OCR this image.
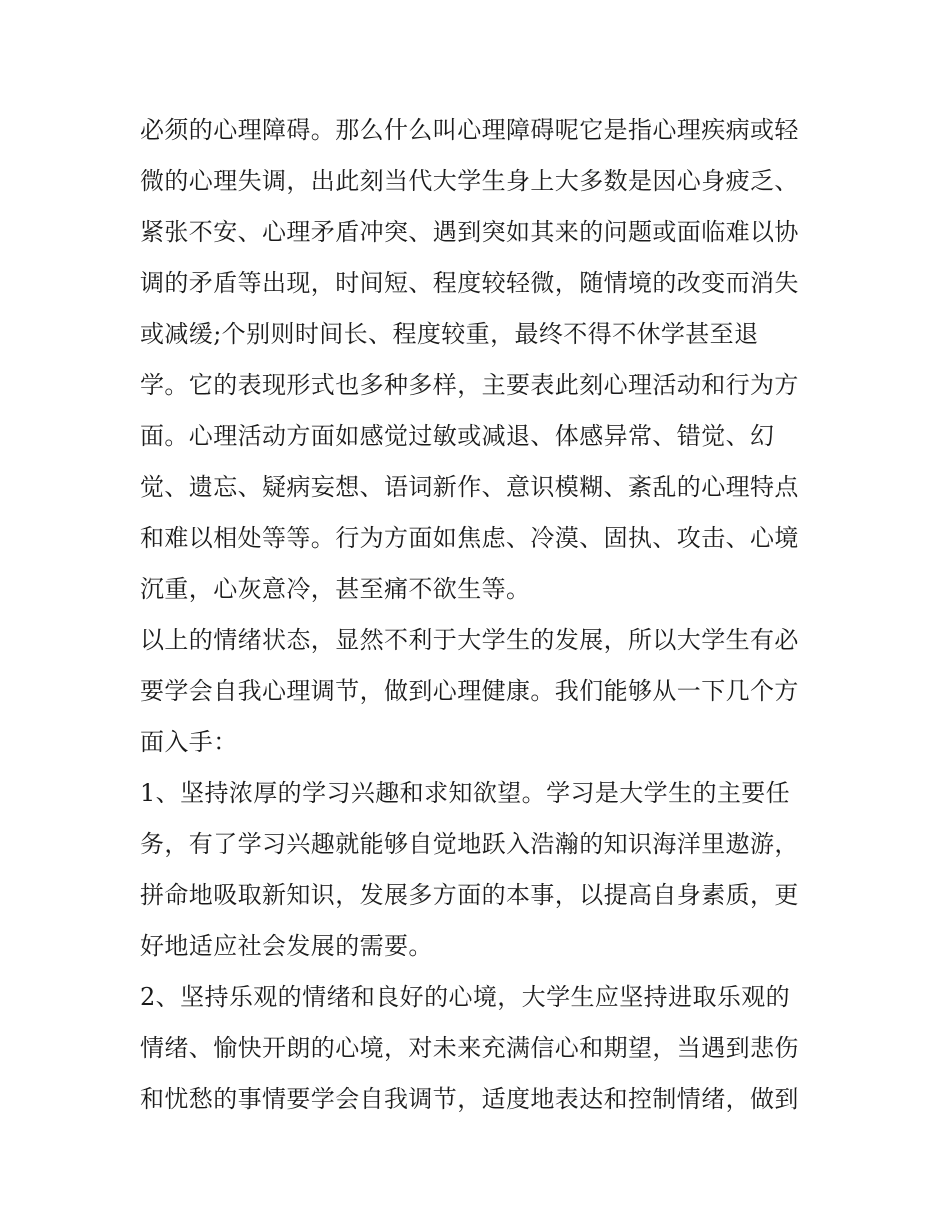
必须的心理障碍。那么什么叫心理障碍呢它是指心理疾病或轻
微的心理失调，出此刻当代大学生身上大多数是因心身疲乏、
紧张不安、心理矛盾冲突、遇到突如其来的问题或面临难以协
调的矛盾等出现，时间短、程度较轻微，随情境的改变而消失
或减缓;个别则时间长、程度较重，最终不得不休学甚至退
学。它的表现形式也多种多样，主要表此刻心理活动和行为方
面。心理活动方面如感觉过敏或减退、体感异常、错觉、幻
觉、遗忘、疑病妄想、语词新作、意识模糊、紊乱的心理特点
和难以相处等等。行为方面如焦虑、冷漠、固执、攻击、心境
沉重，心灰意冷，甚至痛不欲生等。
以上的情绪状态，显然不利于大学生的发展，所以大学生有必
要学会自我心理调节，做到心理健康。我们能够从一下几个方
面入手：
1、坚持浓厚的学习兴趣和求知欲望。学习是大学生的主要任
务，有了学习兴趣就能够自觉地跃入浩瀚的知识海洋里遨游，
拼命地吸取新知识，发展多方面的本事，以提高自身素质，更
好地适应社会发展的需要。
2、坚持乐观的情绪和良好的心境，大学生应坚持进取乐观的
情绪、愉快开朗的心境，对未来充满信心和期望，当遇到悲伤
和忧愁的事情要学会自我调节，适度地表达和控制情绪，做到
